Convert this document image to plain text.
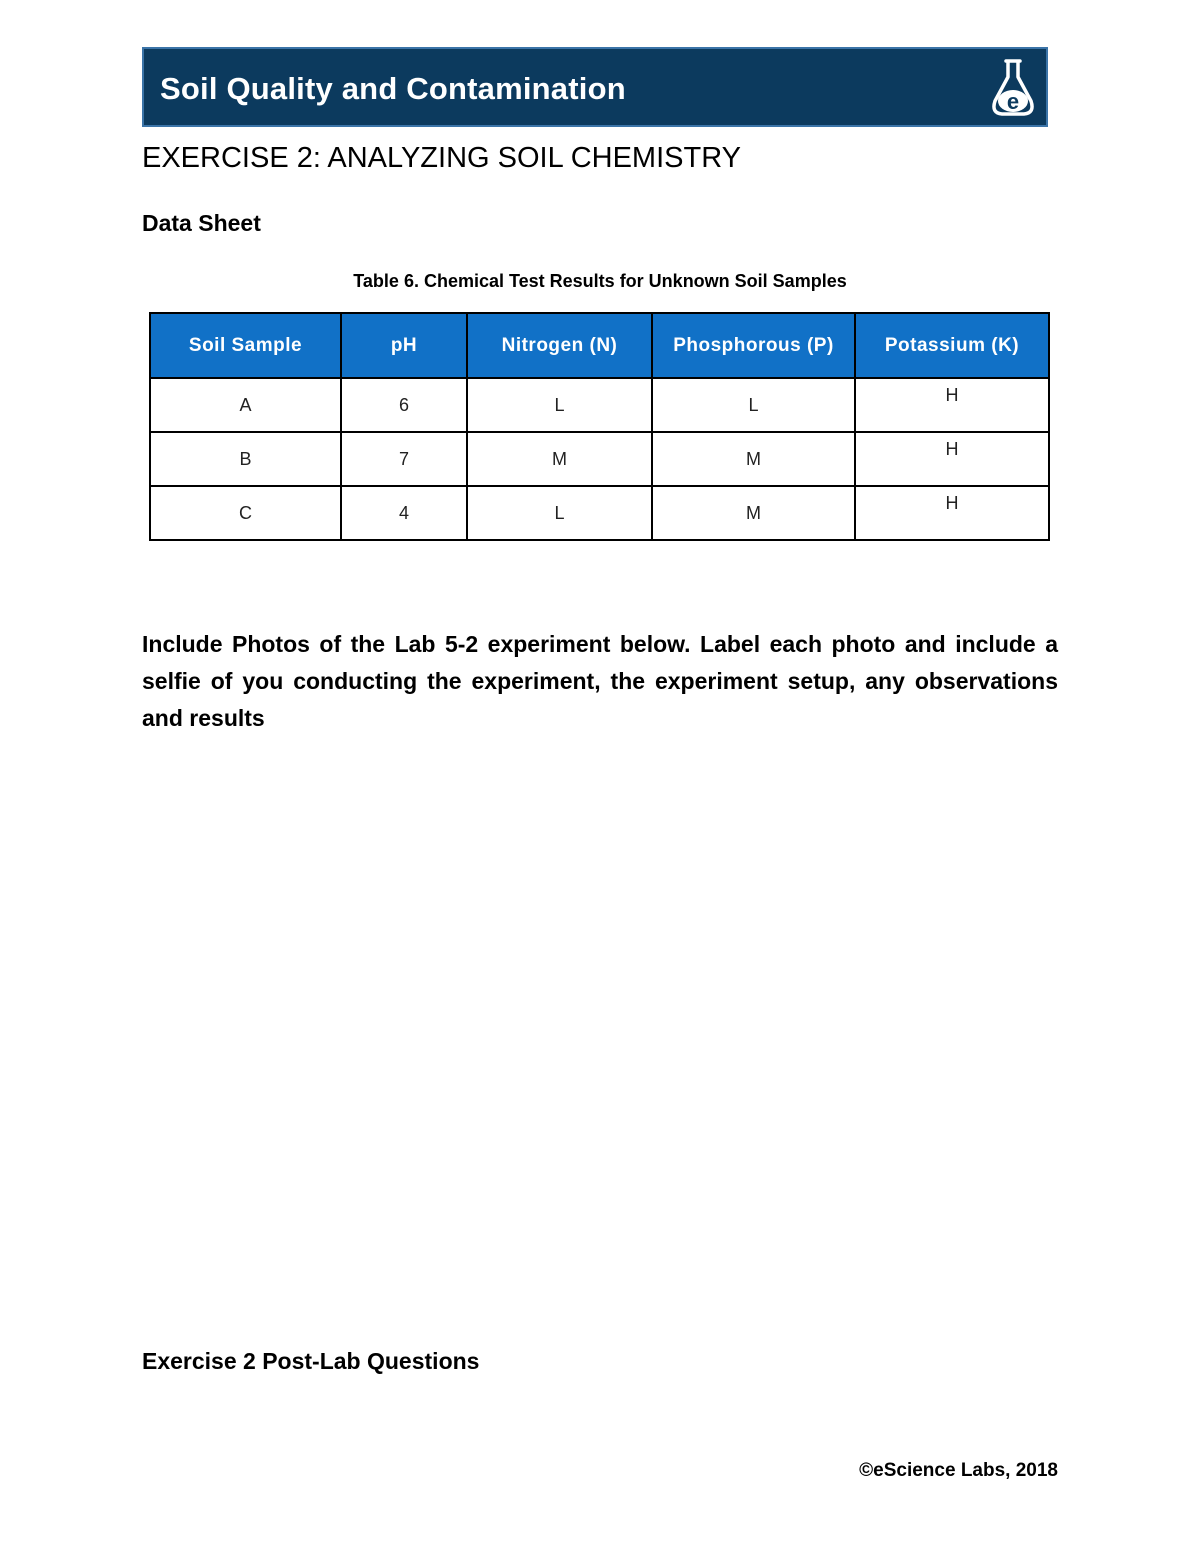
Soil Quality and Contamination	e
EXERCISE 2: ANALYZING SOIL CHEMISTRY
Data Sheet
Table 6. Chemical Test Results for Unknown Soil Samples
Soil Sample	pH	Nitrogen (N)	Phosphorous (P)	Potassium (K)
A	6	L	L	H
B	7	M	M	H
C	4	L	M	H
Include Photos of the Lab 5-2 experiment below. Label each photo and include a selfie of you conducting the experiment, the experiment setup, any observations and results
Exercise 2 Post-Lab Questions
©eScience Labs, 2018
